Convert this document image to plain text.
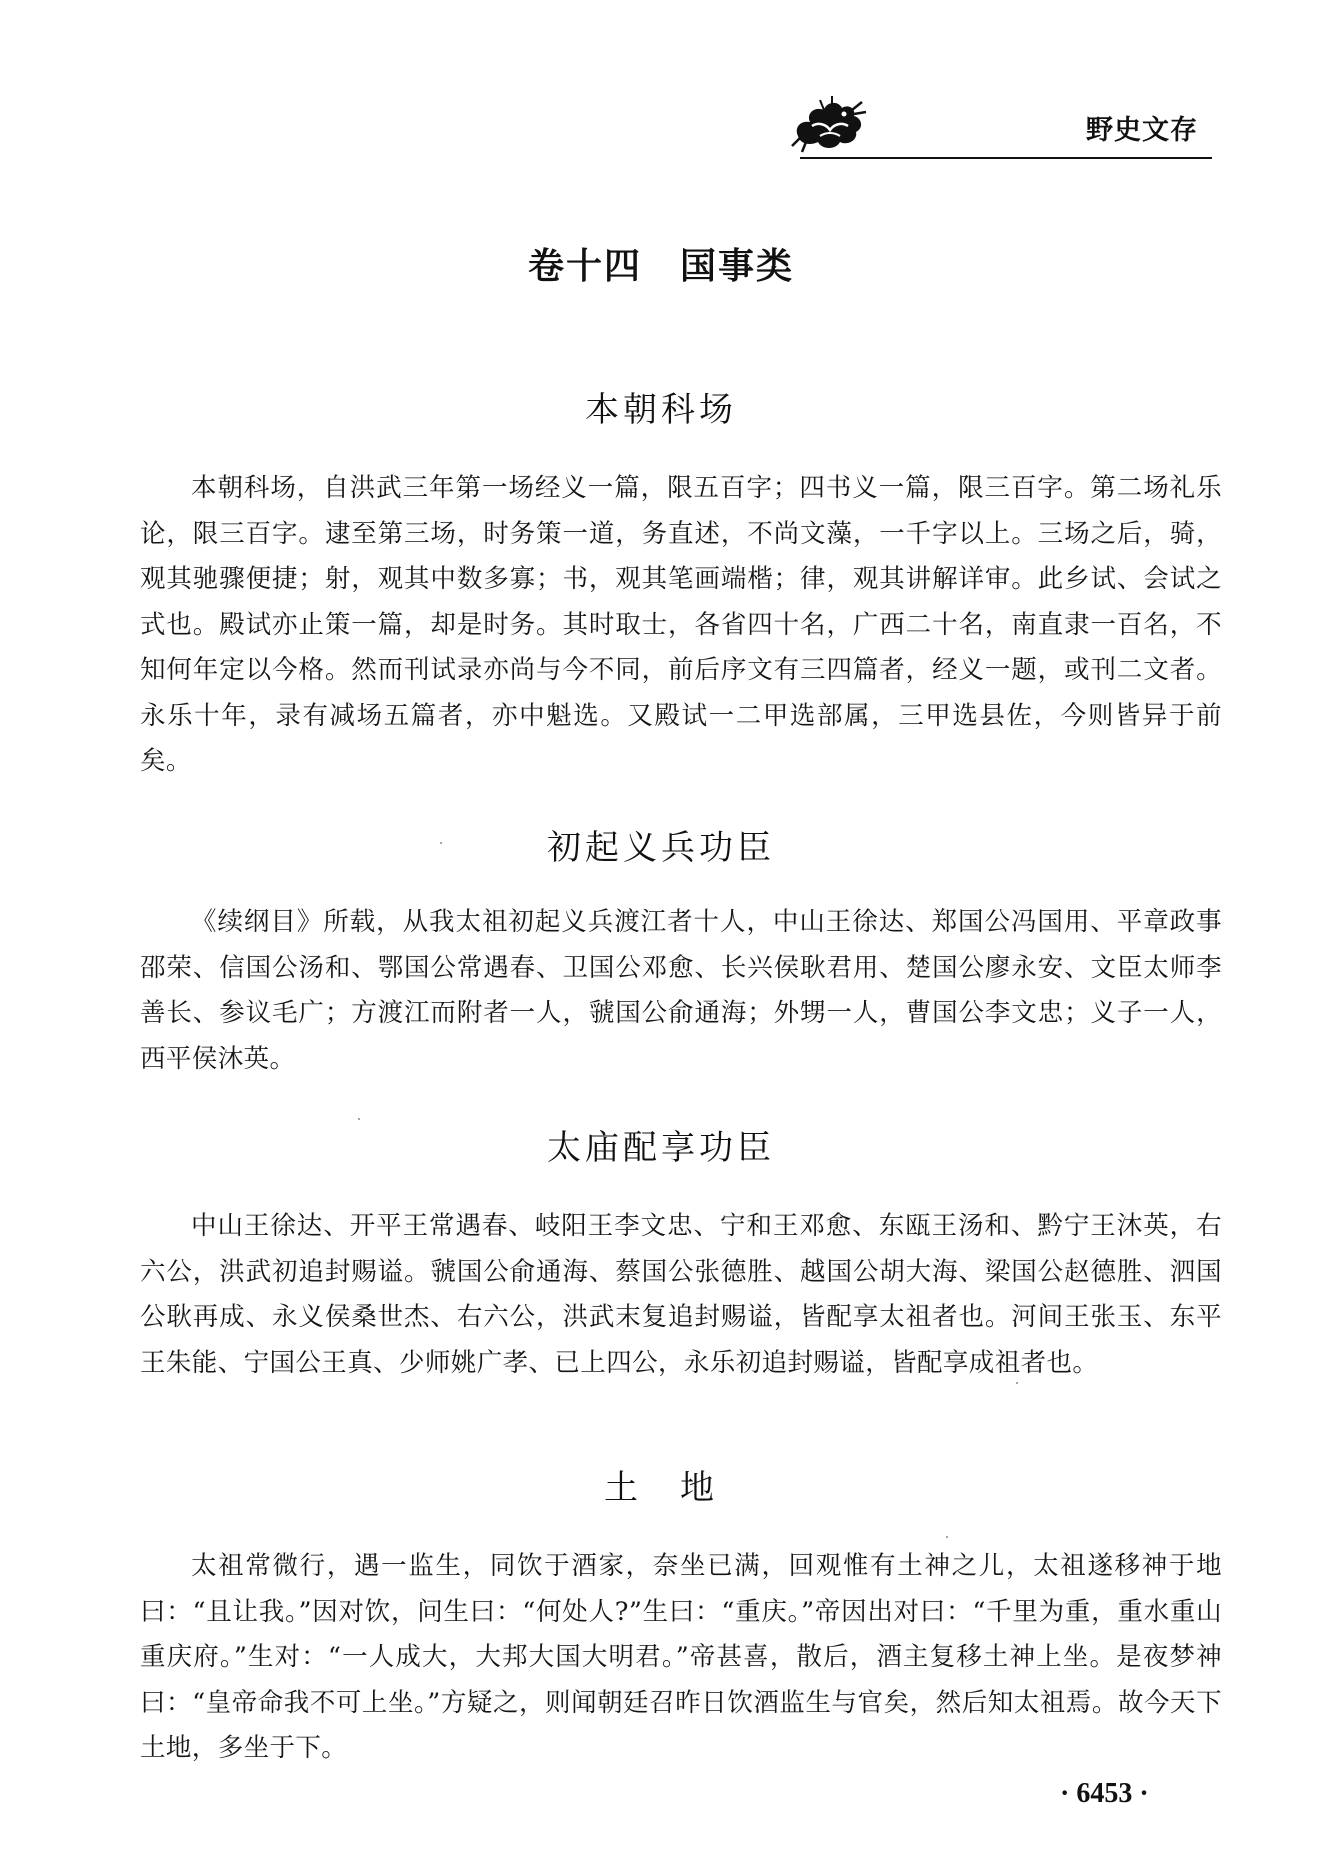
野史文存
卷十四　国事类
本朝科场
本朝科场，自洪武三年第一场经义一篇，限五百字；四书义一篇，限三百字。第二场礼乐论，限三百字。逮至第三场，时务策一道，务直述，不尚文藻，一千字以上。三场之后，骑，观其驰骤便捷；射，观其中数多寡；书，观其笔画端楷；律，观其讲解详审。此乡试、会试之式也。殿试亦止策一篇，却是时务。其时取士，各省四十名，广西二十名，南直隶一百名，不知何年定以今格。然而刊试录亦尚与今不同，前后序文有三四篇者，经义一题，或刊二文者。永乐十年，录有减场五篇者，亦中魁选。又殿试一二甲选部属，三甲选县佐，今则皆异于前矣。
初起义兵功臣
《续纲目》所载，从我太祖初起义兵渡江者十人，中山王徐达、郑国公冯国用、平章政事邵荣、信国公汤和、鄂国公常遇春、卫国公邓愈、长兴侯耿君用、楚国公廖永安、文臣太师李善长、参议毛广；方渡江而附者一人，虢国公俞通海；外甥一人，曹国公李文忠；义子一人，西平侯沐英。
太庙配享功臣
中山王徐达、开平王常遇春、岐阳王李文忠、宁和王邓愈、东瓯王汤和、黔宁王沐英，右六公，洪武初追封赐谥。虢国公俞通海、蔡国公张德胜、越国公胡大海、梁国公赵德胜、泗国公耿再成、永义侯桑世杰、右六公，洪武末复追封赐谥，皆配享太祖者也。河间王张玉、东平王朱能、宁国公王真、少师姚广孝、已上四公，永乐初追封赐谥，皆配享成祖者也。
土　地
太祖常微行，遇一监生，同饮于酒家，奈坐已满，回观惟有土神之儿，太祖遂移神于地曰：“且让我。”因对饮，问生曰：“何处人?”生曰：“重庆。”帝因出对曰：“千里为重，重水重山重庆府。”生对：“一人成大，大邦大国大明君。”帝甚喜，散后，酒主复移土神上坐。是夜梦神曰：“皇帝命我不可上坐。”方疑之，则闻朝廷召昨日饮酒监生与官矣，然后知太祖焉。故今天下土地，多坐于下。
· 6453 ·
